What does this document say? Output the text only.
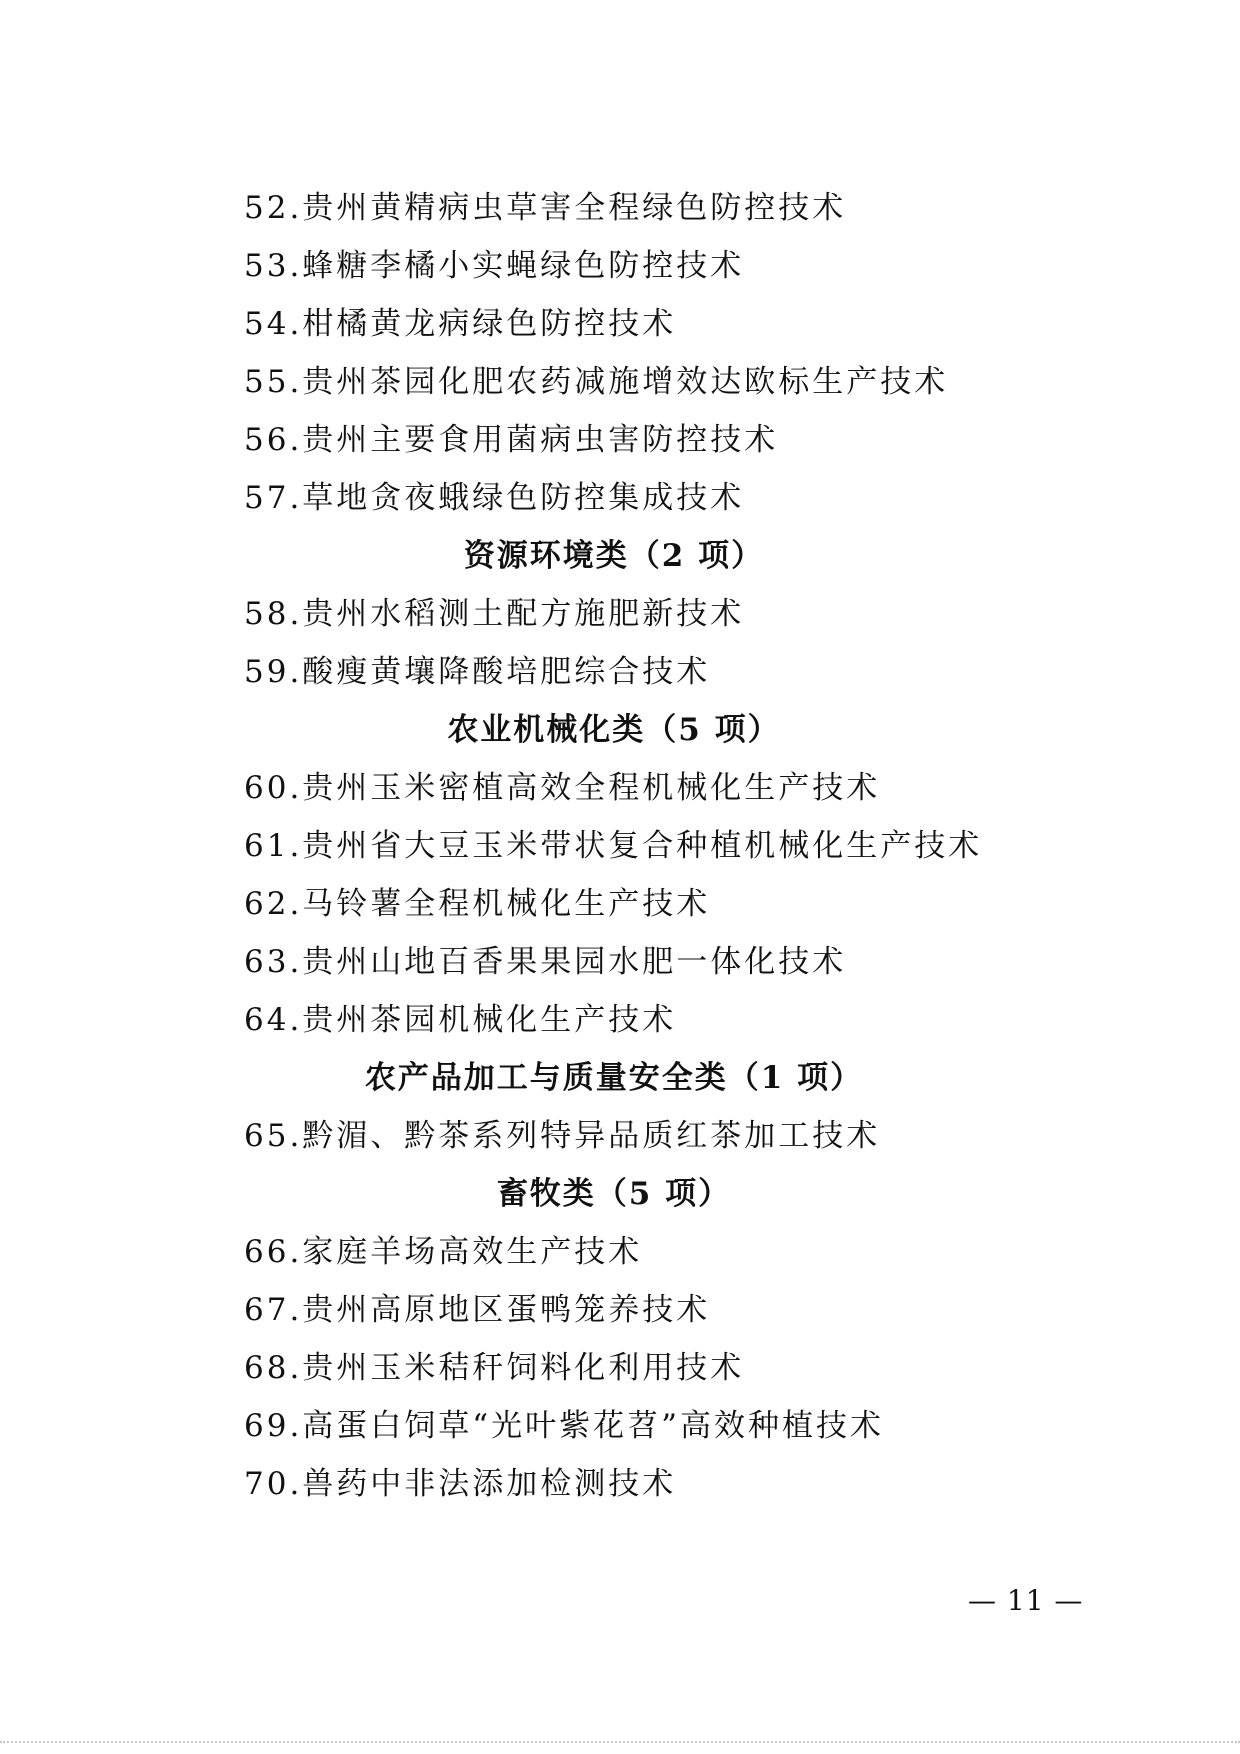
52.贵州黄精病虫草害全程绿色防控技术
53.蜂糖李橘小实蝇绿色防控技术
54.柑橘黄龙病绿色防控技术
55.贵州茶园化肥农药减施增效达欧标生产技术
56.贵州主要食用菌病虫害防控技术
57.草地贪夜蛾绿色防控集成技术
资源环境类（2 项）
58.贵州水稻测土配方施肥新技术
59.酸瘦黄壤降酸培肥综合技术
农业机械化类（5 项）
60.贵州玉米密植高效全程机械化生产技术
61.贵州省大豆玉米带状复合种植机械化生产技术
62.马铃薯全程机械化生产技术
63.贵州山地百香果果园水肥一体化技术
64.贵州茶园机械化生产技术
农产品加工与质量安全类（1 项）
65.黔湄、黔茶系列特异品质红茶加工技术
畜牧类（5 项）
66.家庭羊场高效生产技术
67.贵州高原地区蛋鸭笼养技术
68.贵州玉米秸秆饲料化利用技术
69.高蛋白饲草“光叶紫花苕”高效种植技术
70.兽药中非法添加检测技术
— 11 —
